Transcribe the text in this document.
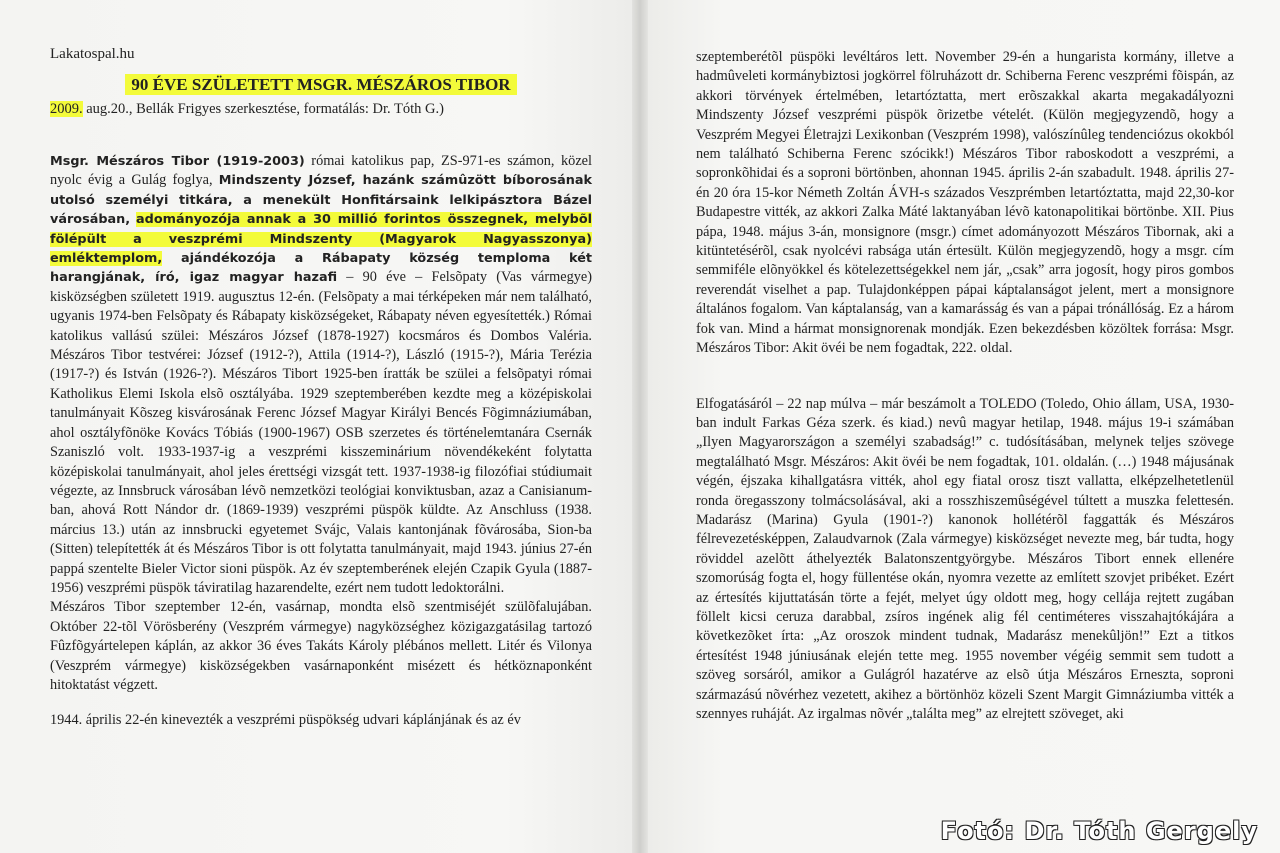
Lakatospal.hu

90 ÉVE SZÜLETETT MSGR. MÉSZÁROS TIBOR

2009. aug.20., Bellák Frigyes szerkesztése, formatálás: Dr. Tóth G.)

Msgr. Mészáros Tibor (1919-2003) római katolikus pap, ZS-971-es számon, közel nyolc évig a Gulág foglya, Mindszenty József, hazánk számûzött bíborosának utolsó személyi titkára, a menekült Honfitársaink lelkipásztora Bázel városában, adományozója annak a 30 millió forintos összegnek, melybõl fölépült a veszprémi Mindszenty (Magyarok Nagyasszonya) emléktemplom, ajándékozója a Rábapaty község temploma két harangjának, író, igaz magyar hazafi – 90 éve – Felsõpaty (Vas vármegye) kisközségben született 1919. augusztus 12-én. (Felsõpaty a mai térképeken már nem található, ugyanis 1974-ben Felsõpaty és Rábapaty kisközségeket, Rábapaty néven egyesítették.) Római katolikus vallású szülei: Mészáros József (1878-1927) kocsmáros és Dombos Valéria. Mészáros Tibor testvérei: József (1912-?), Attila (1914-?), László (1915-?), Mária Terézia (1917-?) és István (1926-?). Mészáros Tibort 1925-ben íratták be szülei a felsõpatyi római Katholikus Elemi Iskola elsõ osztályába. 1929 szeptemberében kezdte meg a középiskolai tanulmányait Kõszeg kisvárosának Ferenc József Magyar Királyi Bencés Fõgimnáziumában, ahol osztályfõnöke Kovács Tóbiás (1900-1967) OSB szerzetes és történelemtanára Csernák Szaniszló volt. 1933-1937-ig a veszprémi kisszeminárium növendékeként folytatta középiskolai tanulmányait, ahol jeles érettségi vizsgát tett. 1937-1938-ig filozófiai stúdiumait végezte, az Innsbruck városában lévõ nemzetközi teológiai konviktusban, azaz a Canisianum-ban, ahová Rott Nándor dr. (1869-1939) veszprémi püspök küldte. Az Anschluss (1938. március 13.) után az innsbrucki egyetemet Svájc, Valais kantonjának fõvárosába, Sion-ba (Sitten) telepítették át és Mészáros Tibor is ott folytatta tanulmányait, majd 1943. június 27-én pappá szentelte Bieler Victor sioni püspök. Az év szeptemberének elején Czapik Gyula (1887-1956) veszprémi püspök táviratilag hazarendelte, ezért nem tudott ledoktorálni.

Mészáros Tibor szeptember 12-én, vasárnap, mondta elsõ szentmiséjét szülõfalujában. Október 22-tõl Vörösberény (Veszprém vármegye) nagyközséghez közigazgatásilag tartozó Fûzfõgyártelepen káplán, az akkor 36 éves Takáts Károly plébános mellett. Litér és Vilonya (Veszprém vármegye) kisközségekben vasárnaponként misézett és hétköznaponként hitoktatást végzett.

1944. április 22-én kinevezték a veszprémi püspökség udvari káplánjának és az év

szeptemberétõl püspöki levéltáros lett. November 29-én a hungarista kormány, illetve a hadmûveleti kormánybiztosi jogkörrel fölruházott dr. Schiberna Ferenc veszprémi fõispán, az akkori törvények értelmében, letartóztatta, mert erõszakkal akarta megakadályozni Mindszenty József veszprémi püspök õrizetbe vételét. (Külön megjegyzendõ, hogy a Veszprém Megyei Életrajzi Lexikonban (Veszprém 1998), valószínûleg tendenciózus okokból nem található Schiberna Ferenc szócikk!) Mészáros Tibor raboskodott a veszprémi, a sopronkõhidai és a soproni börtönben, ahonnan 1945. április 2-án szabadult. 1948. április 27-én 20 óra 15-kor Németh Zoltán ÁVH-s százados Veszprémben letartóztatta, majd 22,30-kor Budapestre vitték, az akkori Zalka Máté laktanyában lévõ katonapolitikai börtönbe. XII. Pius pápa, 1948. május 3-án, monsignore (msgr.) címet adományozott Mészáros Tibornak, aki a kitüntetésérõl, csak nyolcévi rabsága után értesült. Külön megjegyzendõ, hogy a msgr. cím semmiféle elõnyökkel és kötelezettségekkel nem jár, „csak” arra jogosít, hogy piros gombos reverendát viselhet a pap. Tulajdonképpen pápai káptalanságot jelent, mert a monsignore általános fogalom. Van káptalanság, van a kamarásság és van a pápai trónállóság. Ez a három fok van. Mind a hármat monsignorenak mondják. Ezen bekezdésben közöltek forrása: Msgr. Mészáros Tibor: Akit övéi be nem fogadtak, 222. oldal.

Elfogatásáról – 22 nap múlva – már beszámolt a TOLEDO (Toledo, Ohio állam, USA, 1930-ban indult Farkas Géza szerk. és kiad.) nevû magyar hetilap, 1948. május 19-i számában „Ilyen Magyarországon a személyi szabadság!” c. tudósításában, melynek teljes szövege megtalálható Msgr. Mészáros: Akit övéi be nem fogadtak, 101. oldalán. (…) 1948 májusának végén, éjszaka kihallgatásra vitték, ahol egy fiatal orosz tiszt vallatta, elképzelhetetlenül ronda öregasszony tolmácsolásával, aki a rosszhiszemûségével túltett a muszka felettesén. Madarász (Marina) Gyula (1901-?) kanonok hollétérõl faggatták és Mészáros félrevezetésképpen, Zalaudvarnok (Zala vármegye) kisközséget nevezte meg, bár tudta, hogy röviddel azelõtt áthelyezték Balatonszentgyörgybe. Mészáros Tibort ennek ellenére szomorúság fogta el, hogy füllentése okán, nyomra vezette az említett szovjet pribéket. Ezért az értesítés kijuttatásán törte a fejét, melyet úgy oldott meg, hogy cellája rejtett zugában föllelt kicsi ceruza darabbal, zsíros ingének alig fél centiméteres visszahajtókájára a következõket írta: „Az oroszok mindent tudnak, Madarász menekûljön!” Ezt a titkos értesítést 1948 júniusának elején tette meg. 1955 november végéig semmit sem tudott a szöveg sorsáról, amikor a Gulágról hazatérve az elsõ útja Mészáros Erneszta, soproni származású nõvérhez vezetett, akihez a börtönhöz közeli Szent Margit Gimnáziumba vitték a szennyes ruháját. Az irgalmas nõvér „találta meg” az elrejtett szöveget, aki

Fotó: Dr. Tóth Gergely
